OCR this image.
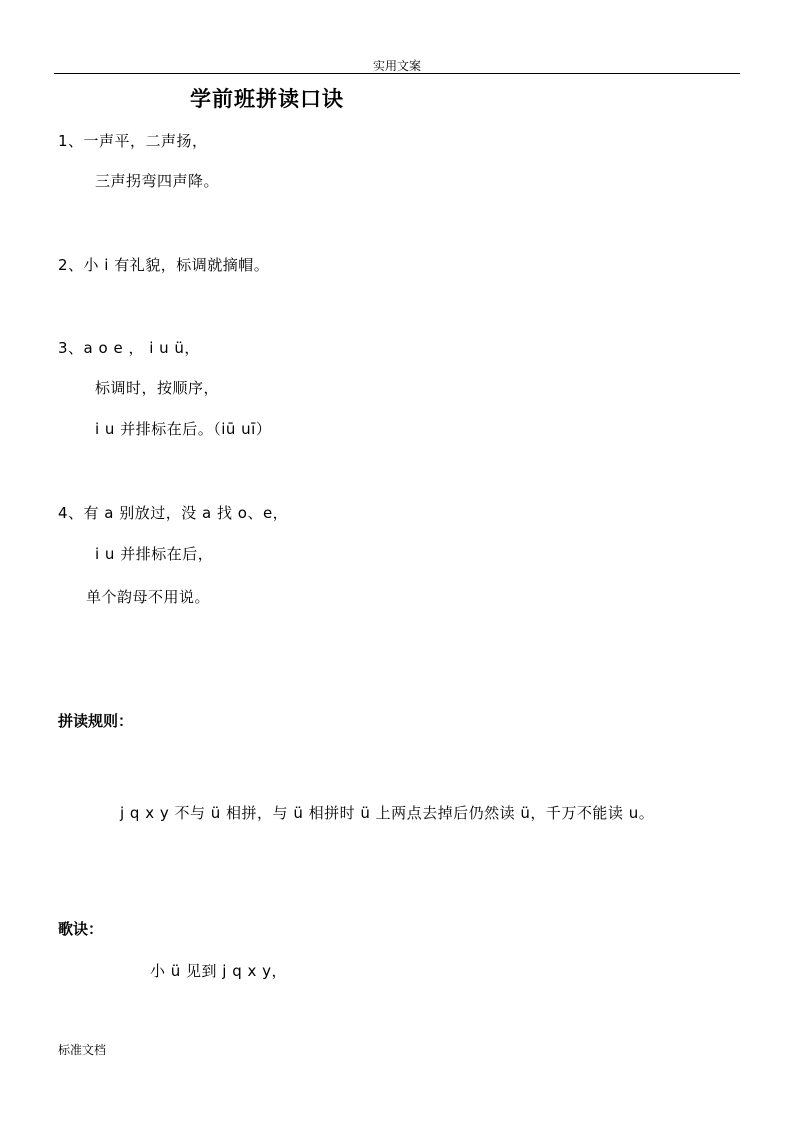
实用文案
学前班拼读口诀
1、一声平，二声扬，
三声拐弯四声降。
2、小 i 有礼貌，标调就摘帽。
3、a o e ， i u ü，
标调时，按顺序，
i u 并排标在后。（iū uī）
4、有 a 别放过，没 a 找 o、e，
i u 并排标在后，
单个韵母不用说。
拼读规则：
j q x y 不与 ü 相拼，与 ü 相拼时 ü 上两点去掉后仍然读 ü，千万不能读 u。
歌诀：
小 ü 见到 j q x y，
标准文档
